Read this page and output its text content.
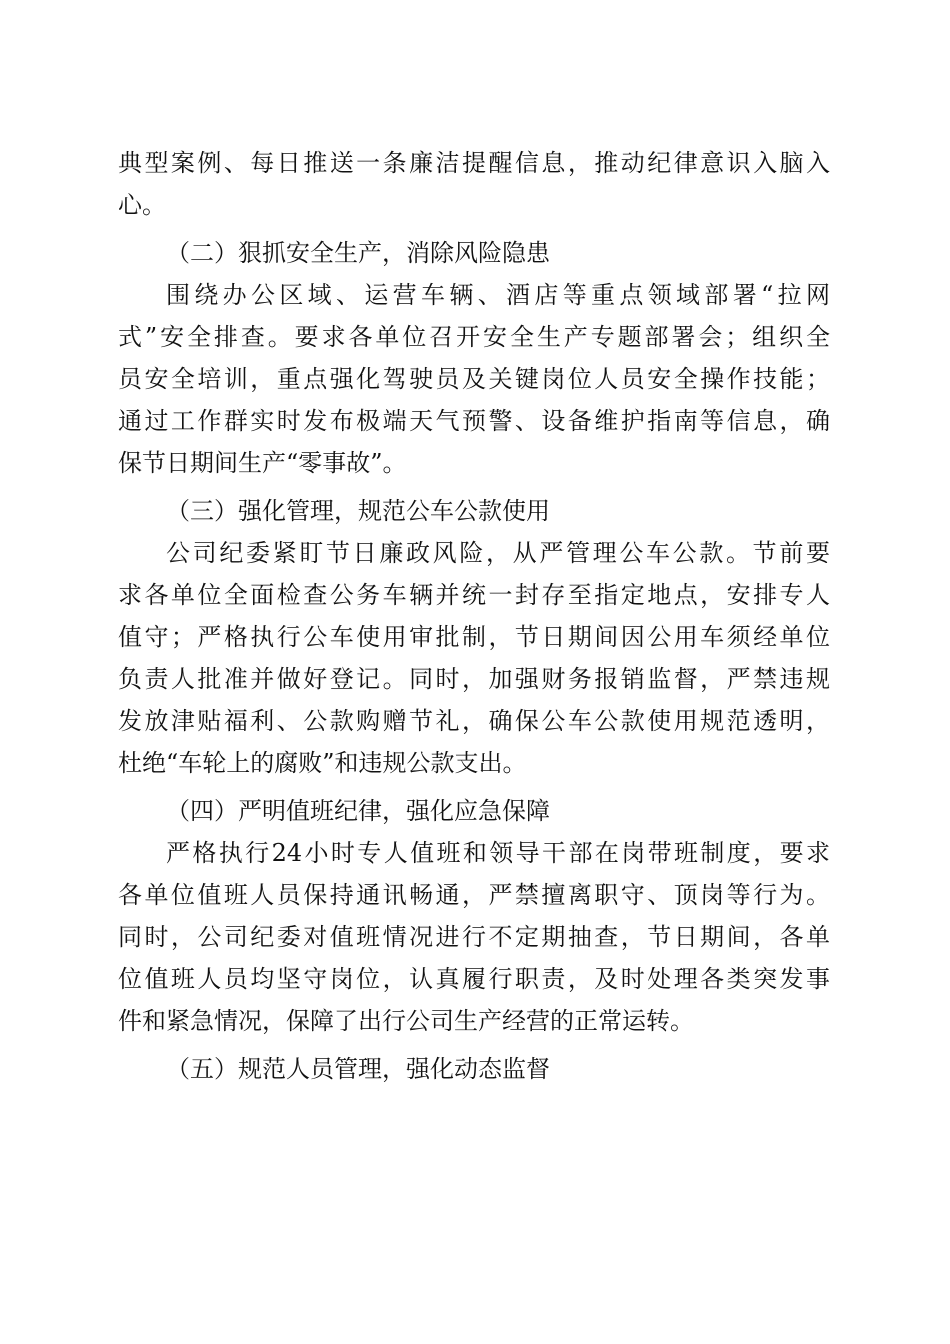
典型案例、每日推送一条廉洁提醒信息，推动纪律意识入脑入
心。
（二）狠抓安全生产，消除风险隐患
围绕办公区域、运营车辆、酒店等重点领域部署“拉网
式”安全排查。要求各单位召开安全生产专题部署会；组织全
员安全培训，重点强化驾驶员及关键岗位人员安全操作技能；
通过工作群实时发布极端天气预警、设备维护指南等信息，确
保节日期间生产“零事故”。
（三）强化管理，规范公车公款使用
公司纪委紧盯节日廉政风险，从严管理公车公款。节前要
求各单位全面检查公务车辆并统一封存至指定地点，安排专人
值守；严格执行公车使用审批制，节日期间因公用车须经单位
负责人批准并做好登记。同时，加强财务报销监督，严禁违规
发放津贴福利、公款购赠节礼，确保公车公款使用规范透明，
杜绝“车轮上的腐败”和违规公款支出。
（四）严明值班纪律，强化应急保障
严格执行24小时专人值班和领导干部在岗带班制度，要求
各单位值班人员保持通讯畅通，严禁擅离职守、顶岗等行为。
同时，公司纪委对值班情况进行不定期抽查，节日期间，各单
位值班人员均坚守岗位，认真履行职责，及时处理各类突发事
件和紧急情况，保障了出行公司生产经营的正常运转。
（五）规范人员管理，强化动态监督
